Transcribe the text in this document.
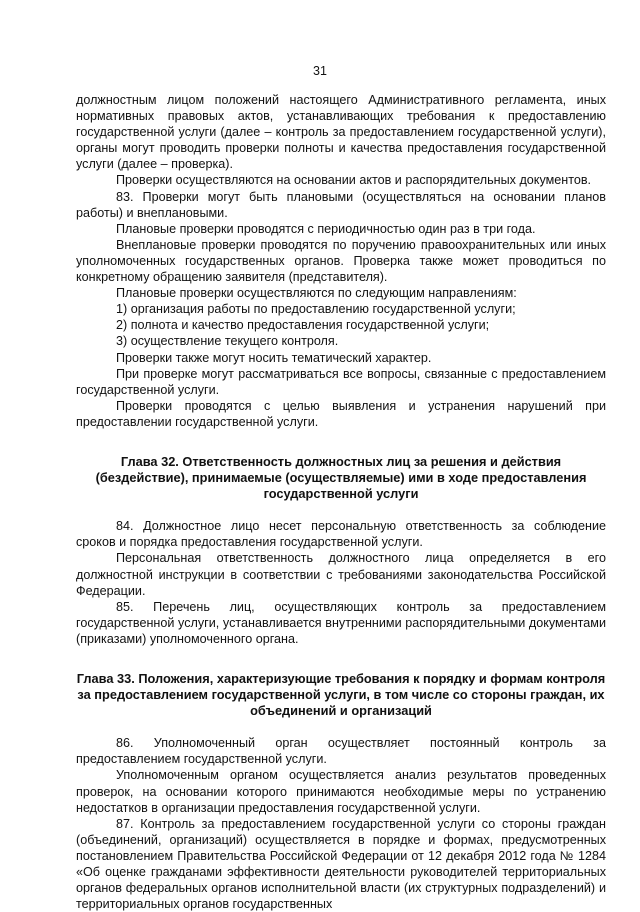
31

должностным лицом положений настоящего Административного регламента, иных нормативных правовых актов, устанавливающих требования к предоставлению государственной услуги (далее – контроль за предоставлением государственной услуги), органы могут проводить проверки полноты и качества предоставления государственной услуги (далее – проверка).

Проверки осуществляются на основании актов и распорядительных документов.

83. Проверки могут быть плановыми (осуществляться на основании планов работы) и внеплановыми.

Плановые проверки проводятся с периодичностью один раз в три года.

Внеплановые проверки проводятся по поручению правоохранительных или иных уполномоченных государственных органов. Проверка также может проводиться по конкретному обращению заявителя (представителя).

Плановые проверки осуществляются по следующим направлениям:

1) организация работы по предоставлению государственной услуги;

2) полнота и качество предоставления государственной услуги;

3) осуществление текущего контроля.

Проверки также могут носить тематический характер.

При проверке могут рассматриваться все вопросы, связанные с предоставлением государственной услуги.

Проверки проводятся с целью выявления и устранения нарушений при предоставлении государственной услуги.

Глава 32. Ответственность должностных лиц за решения и действия (бездействие), принимаемые (осуществляемые) ими в ходе предоставления государственной услуги

84. Должностное лицо несет персональную ответственность за соблюдение сроков и порядка предоставления государственной услуги.

Персональная ответственность должностного лица определяется в его должностной инструкции в соответствии с требованиями законодательства Российской Федерации.

85. Перечень лиц, осуществляющих контроль за предоставлением государственной услуги, устанавливается внутренними распорядительными документами (приказами) уполномоченного органа.

Глава 33. Положения, характеризующие требования к порядку и формам контроля за предоставлением государственной услуги, в том числе со стороны граждан, их объединений и организаций

86. Уполномоченный орган осуществляет постоянный контроль за предоставлением государственной услуги.

Уполномоченным органом осуществляется анализ результатов проведенных проверок, на основании которого принимаются необходимые меры по устранению недостатков в организации предоставления государственной услуги.

87. Контроль за предоставлением государственной услуги со стороны граждан (объединений, организаций) осуществляется в порядке и формах, предусмотренных постановлением Правительства Российской Федерации от 12 декабря 2012 года № 1284 «Об оценке гражданами эффективности деятельности руководителей территориальных органов федеральных органов исполнительной власти (их структурных подразделений) и территориальных органов государственных
